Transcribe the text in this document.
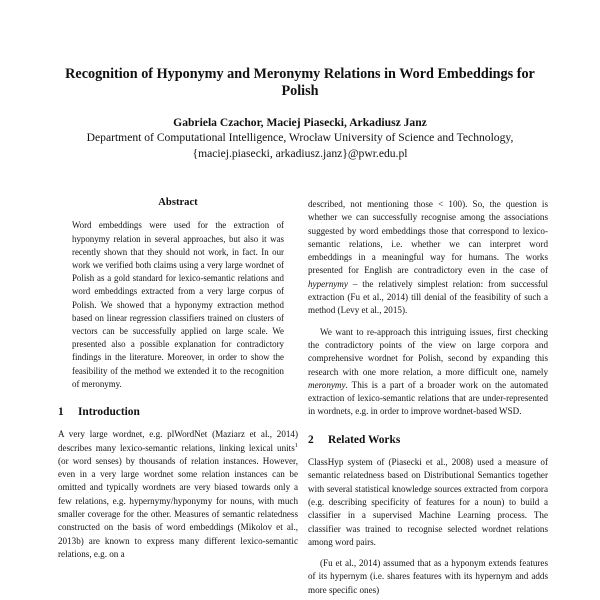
Recognition of Hyponymy and Meronymy Relations in Word Embeddings for Polish
Gabriela Czachor, Maciej Piasecki, Arkadiusz Janz
Department of Computational Intelligence, Wrocław University of Science and Technology,
{maciej.piasecki, arkadiusz.janz}@pwr.edu.pl
Abstract

Word embeddings were used for the extraction of hyponymy relation in several approaches, but also it was recently shown that they should not work, in fact. In our work we verified both claims using a very large wordnet of Polish as a gold standard for lexico-semantic relations and word embeddings extracted from a very large corpus of Polish. We showed that a hyponymy extraction method based on linear regression classifiers trained on clusters of vectors can be successfully applied on large scale. We presented also a possible explanation for contradictory findings in the literature. Moreover, in order to show the feasibility of the method we extended it to the recognition of meronymy.

1 Introduction

A very large wordnet, e.g. plWordNet (Maziarz et al., 2014) describes many lexico-semantic relations, linking lexical units$^1$ (or word senses) by thousands of relation instances. However, even in a very large wordnet some relation instances can be omitted and typically wordnets are very biased towards only a few relations, e.g. hypernymy/hyponymy for nouns, with much smaller coverage for the other. Measures of semantic relatedness constructed on the basis of word embeddings (Mikolov et al., 2013b) are known to express many different lexico-semantic relations, e.g. on a

described, not mentioning those < 100). So, the question is whether we can successfully recognise among the associations suggested by word embeddings those that correspond to lexico-semantic relations, i.e. whether we can interpret word embeddings in a meaningful way for humans. The works presented for English are contradictory even in the case of hypernymy – the relatively simplest relation: from successful extraction (Fu et al., 2014) till denial of the feasibility of such a method (Levy et al., 2015).

We want to re-approach this intriguing issues, first checking the contradictory points of the view on large corpora and comprehensive wordnet for Polish, second by expanding this research with one more relation, a more difficult one, namely meronymy. This is a part of a broader work on the automated extraction of lexico-semantic relations that are under-represented in wordnets, e.g. in order to improve wordnet-based WSD.

2 Related Works

ClassHyp system of (Piasecki et al., 2008) used a measure of semantic relatedness based on Distributional Semantics together with several statistical knowledge sources extracted from corpora (e.g. describing specificity of features for a noun) to build a classifier in a supervised Machine Learning process. The classifier was trained to recognise selected wordnet relations among word pairs.

(Fu et al., 2014) assumed that as a hyponym extends features of its hypernym (i.e. shares features with its hypernym and adds more specific ones)
